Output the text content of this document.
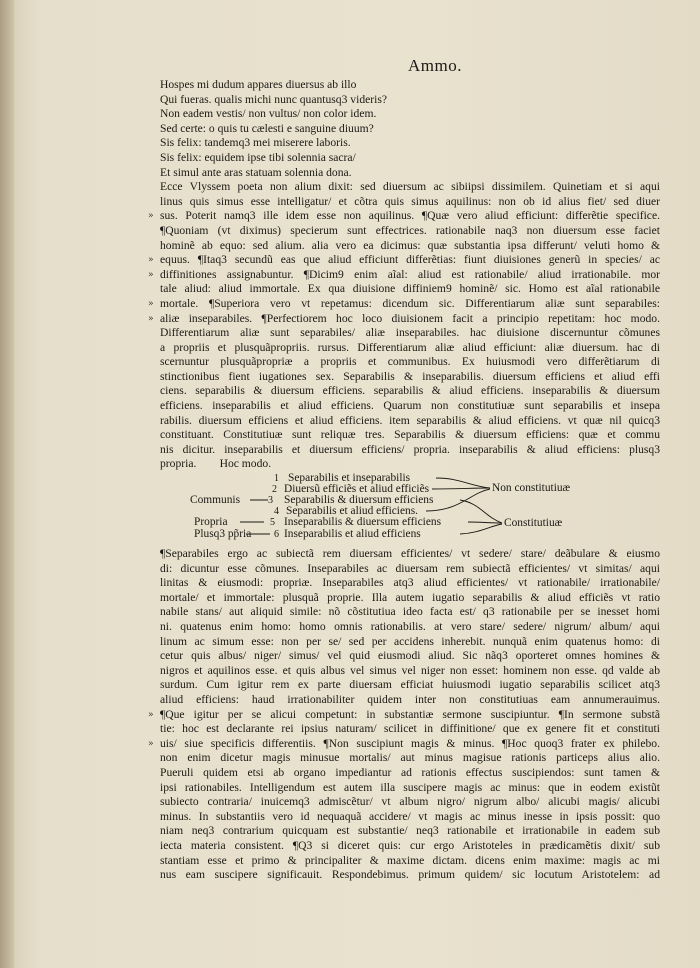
Ammo.
Hospes mi dudum appares diuersus ab illo
Qui fueras. qualis michi nunc quantusq3 videris?
Non eadem vestis/ non vultus/ non color idem.
Sed certe: o quis tu cælesti e sanguine diuum?
Sis felix: tandemq3 mei miserere laboris.
Sis felix: equidem ipse tibi solennia sacra/
Et simul ante aras statuam solennia dona.
Ecce Vlyssem poeta non alium dixit: sed diuersum ac sibiipsi dissimilem. Quinetiam et si aqui
linus quis simus esse intelligatur/ et cõtra quis simus aquilinus: non ob id alius fiet/ sed diuer
» sus. Poterit namq3 ille idem esse non aquilinus. ¶Quæ vero aliud efficiunt: differẽtie specifice.
¶Quoniam (vt diximus) specierum sunt effectrices. rationabile naq3 non diuersum esse faciet
hominẽ ab equo: sed alium. alia vero ea dicimus: quæ substantia ipsa differunt/ veluti homo &
» equus. ¶Itaq3 secundũ eas que aliud efficiunt differẽtias: fiunt diuisiones generũ in species/ ac
» diffinitiones assignabuntur. ¶Dicim9 enim aĩal: aliud est rationabile/ aliud irrationabile. mor
tale aliud: aliud immortale. Ex qua diuisione diffiniem9 hominẽ/ sic. Homo est aĩal rationabile
» mortale. ¶Superiora vero vt repetamus: dicendum sic. Differentiarum aliæ sunt separabiles:
» aliæ inseparabiles. ¶Perfectiorem hoc loco diuisionem facit a principio repetitam: hoc modo.
Differentiarum aliæ sunt separabiles/ aliæ inseparabiles. hac diuisione discernuntur cõmunes
a propriis et plusquãpropriis. rursus. Differentiarum aliæ aliud efficiunt: aliæ diuersum. hac di
scernuntur plusquãpropriæ a propriis et communibus. Ex huiusmodi vero differẽtiarum di
stinctionibus fient iugationes sex. Separabilis & inseparabilis. diuersum efficiens et aliud effi
ciens. separabilis & diuersum efficiens. separabilis & aliud efficiens. inseparabilis & diuersum
efficiens. inseparabilis et aliud efficiens. Quarum non constitutiuæ sunt separabilis et insepa
rabilis. diuersum efficiens et aliud efficiens. item separabilis & aliud efficiens. vt quæ nil quicq3
constituant. Constitutiuæ sunt reliquæ tres. Separabilis & diuersum efficiens: quæ et commu
nis dicitur. inseparabilis et diuersum efficiens/ propria. inseparabilis & aliud efficiens: plusq3
propria.        Hoc modo.
1 Separabilis et inseparabilis
2 Diuersũ efficiẽs et aliud efficiẽs
3 Separabilis & diuersum efficiens
4 Separabilis et aliud efficiens.
5 Inseparabilis & diuersum efficiens
6 Inseparabilis et aliud efficiens
Communis
Propria
Plusq3 pp̃ria
Non constitutiuæ
Constitutiuæ
¶Separabiles ergo ac subiectã rem diuersam efficientes/ vt sedere/ stare/ deãbulare & eiusmo
di: dicuntur esse cõmunes. Inseparabiles ac diuersam rem subiectã efficientes/ vt simitas/ aqui
linitas & eiusmodi: propriæ. Inseparabiles atq3 aliud efficientes/ vt rationabile/ irrationabile/
mortale/ et immortale: plusquã proprie. Illa autem iugatio separabilis & aliud efficiẽs vt ratio
nabile stans/ aut aliquid simile: nõ cõstitutiua ideo facta est/ q3 rationabile per se inesset homi
ni. quatenus enim homo: homo omnis rationabilis. at vero stare/ sedere/ nigrum/ album/ aqui
linum ac simum esse: non per se/ sed per accidens inherebit. nunquã enim quatenus homo: di
cetur quis albus/ niger/ simus/ vel quid eiusmodi aliud. Sic nãq3 oporteret omnes homines &
nigros et aquilinos esse. et quis albus vel simus vel niger non esset: hominem non esse. qd valde ab
surdum. Cum igitur rem ex parte diuersam efficiat huiusmodi iugatio separabilis scilicet atq3
aliud efficiens: haud irrationabiliter quidem inter non constitutiuas eam annumerauimus.
» ¶Que igitur per se alicui competunt: in substantiæ sermone suscipiuntur. ¶In sermone substã
tie: hoc est declarante rei ipsius naturam/ scilicet in diffinitione/ que ex genere fit et constituti
» uis/ siue specificis differentiis. ¶Non suscipiunt magis & minus. ¶Hoc quoq3 frater ex philebo.
non enim dicetur magis minusue mortalis/ aut minus magisue rationis particeps alius alio.
Pueruli quidem etsi ab organo impediantur ad rationis effectus suscipiendos: sunt tamen &
ipsi rationabiles. Intelligendum est autem illa suscipere magis ac minus: que in eodem existũt
subiecto contraria/ inuicemq3 admiscẽtur/ vt album nigro/ nigrum albo/ alicubi magis/ alicubi
minus. In substantiis vero id nequaquã accidere/ vt magis ac minus inesse in ipsis possit: quo
niam neq3 contrarium quicquam est substantie/ neq3 rationabile et irrationabile in eadem sub
iecta materia consistent. ¶Q3 si diceret quis: cur ergo Aristoteles in prædicamẽtis dixit/ sub
stantiam esse et primo & principaliter & maxime dictam. dicens enim maxime: magis ac mi
nus eam suscipere significauit. Respondebimus. primum quidem/ sic locutum Aristotelem: ad
